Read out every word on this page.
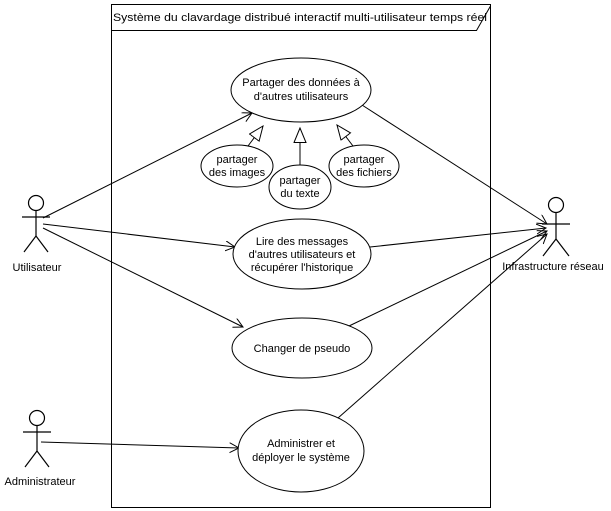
Système du clavardage distribué interactif multi-utilisateur temps réel
Partager des données à
d'autres utilisateurs
partager
des images
partager
du texte
partager
des fichiers
Lire des messages
d'autres utilisateurs et
récupérer l'historique
Changer de pseudo
Administrer et
déployer le système
Utilisateur	Infrastructure réseau
Administrateur
